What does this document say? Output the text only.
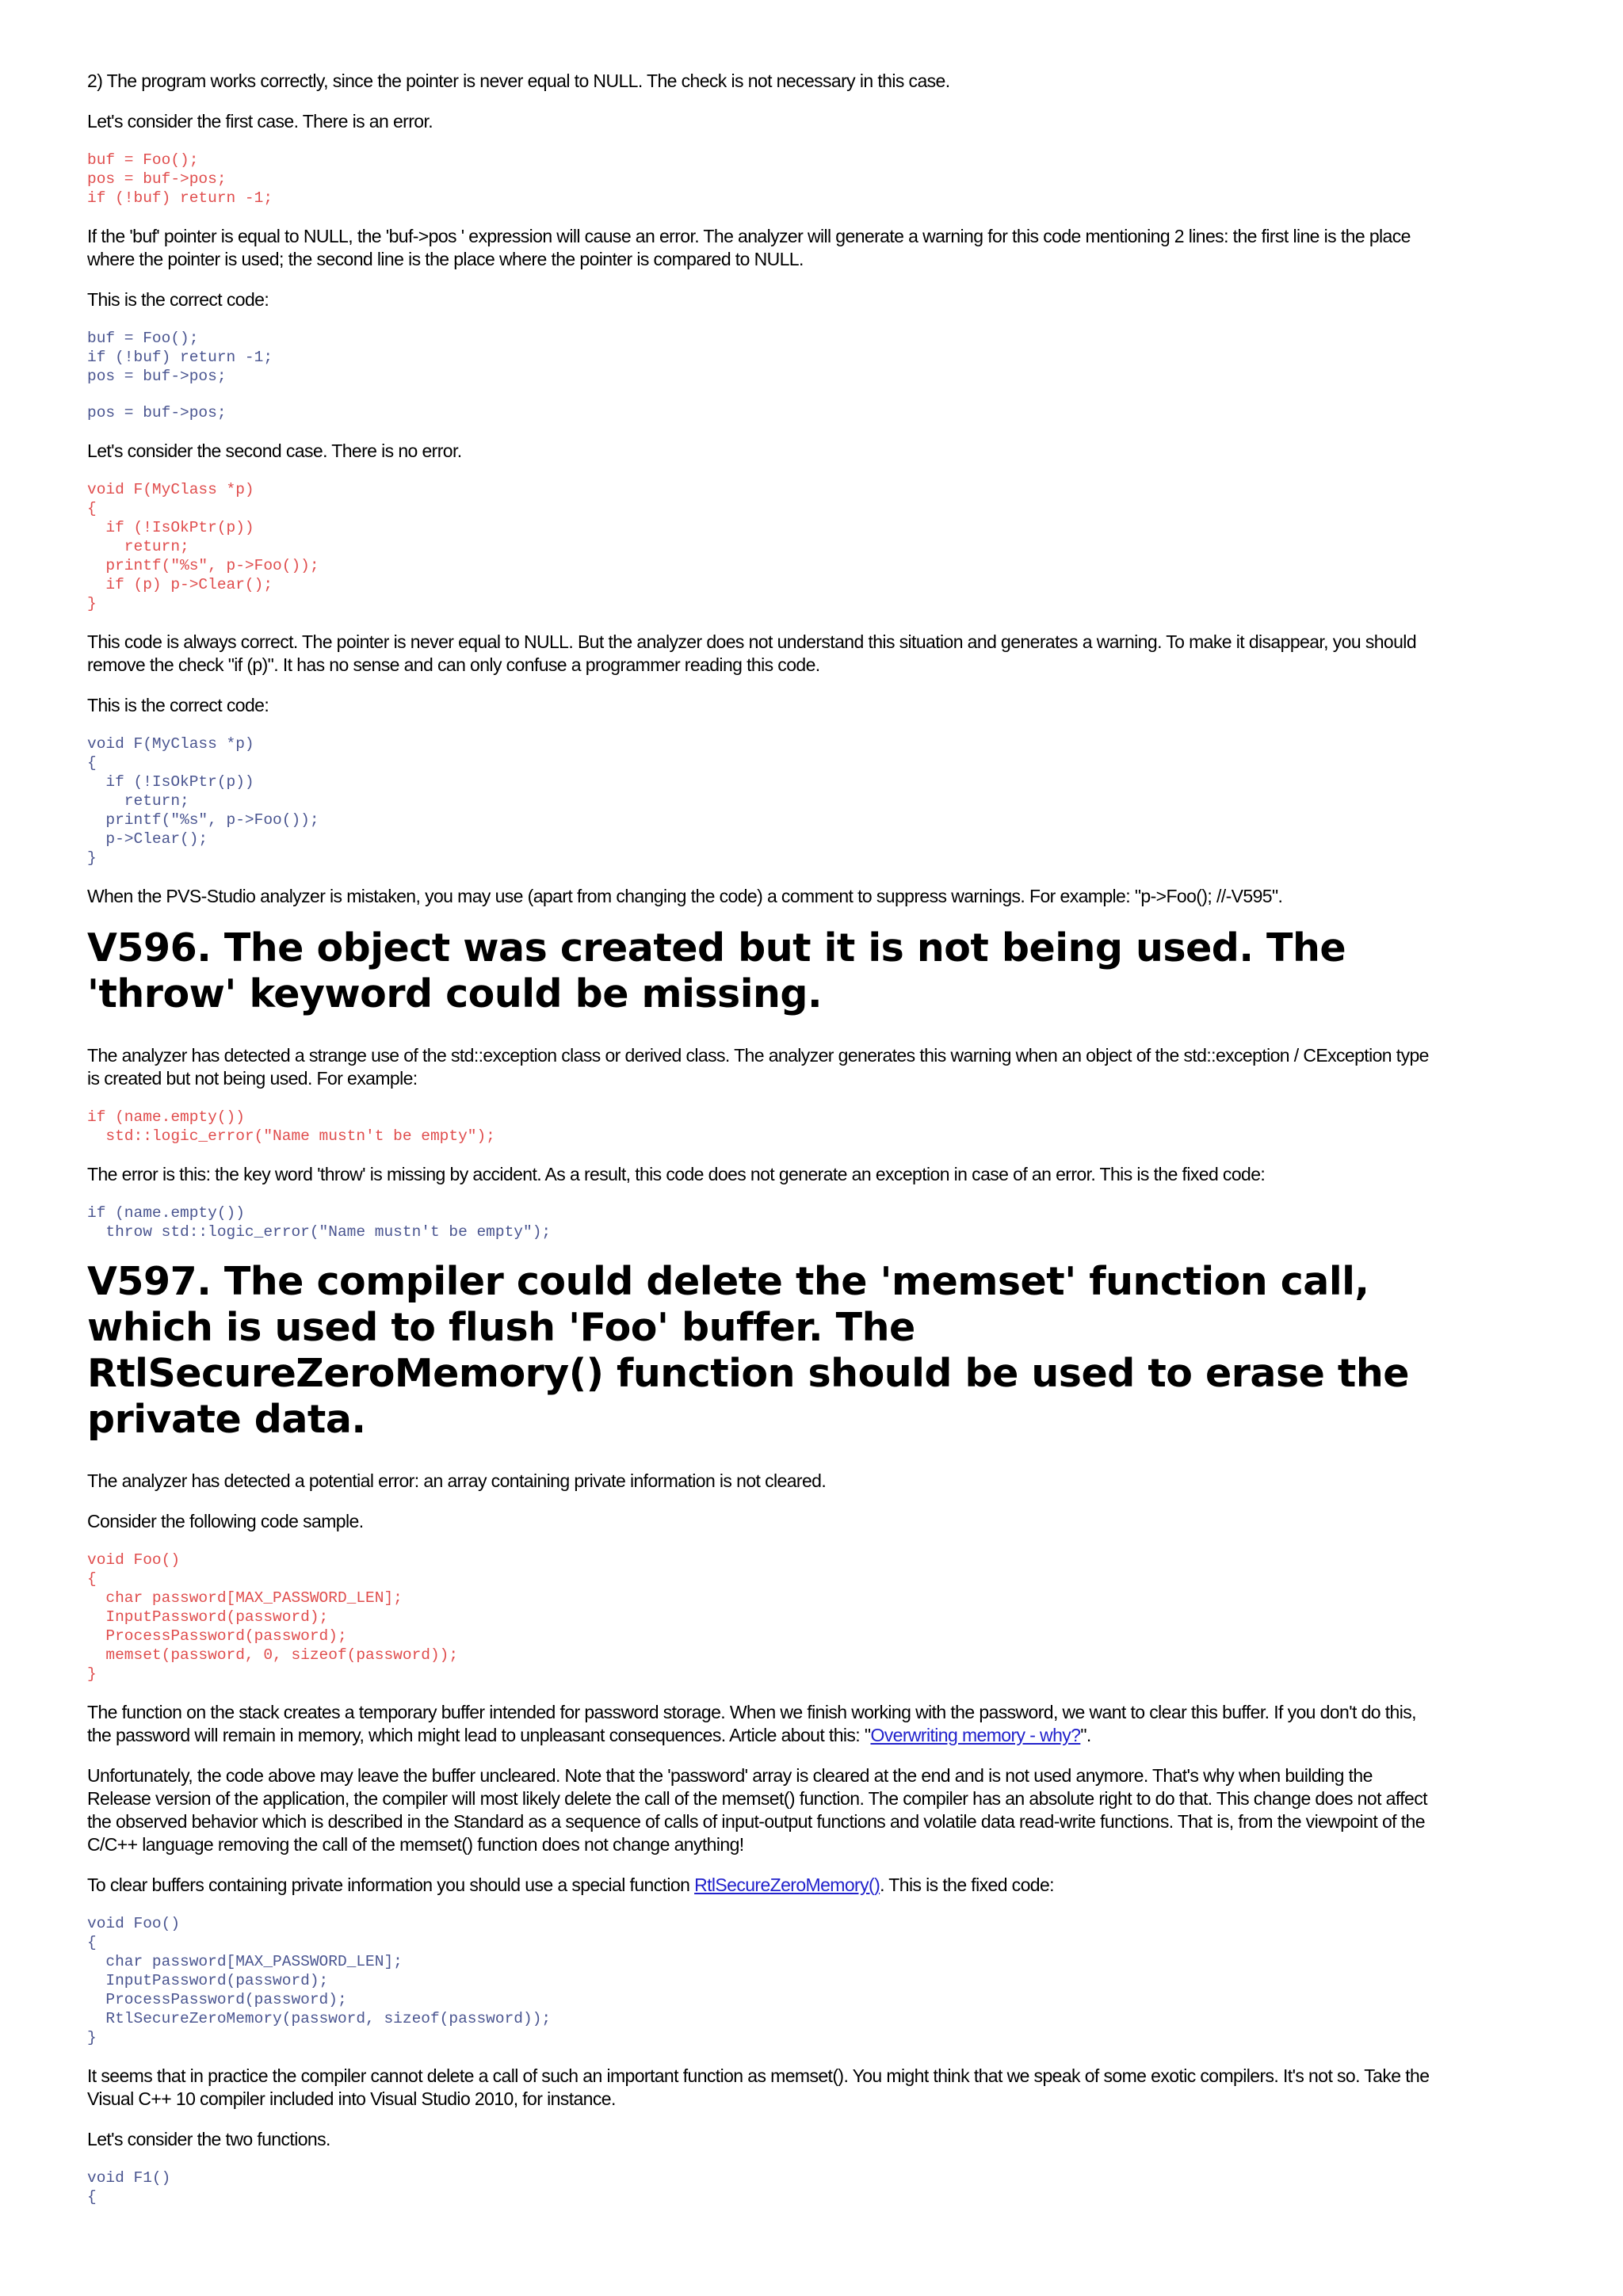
2) The program works correctly, since the pointer is never equal to NULL. The check is not necessary in this case.

Let's consider the first case. There is an error.

buf = Foo();
pos = buf->pos;
if (!buf) return -1;

If the 'buf' pointer is equal to NULL, the 'buf->pos ' expression will cause an error. The analyzer will generate a warning for this code mentioning 2 lines: the first line is the place where the pointer is used; the second line is the place where the pointer is compared to NULL.

This is the correct code:

buf = Foo();
if (!buf) return -1;
pos = buf->pos;
pos = buf->pos;

Let's consider the second case. There is no error.

void F(MyClass *p)
{
if (!IsOkPtr(p))
return;
printf("%s", p->Foo());
if (p) p->Clear();
}

This code is always correct. The pointer is never equal to NULL. But the analyzer does not understand this situation and generates a warning. To make it disappear, you should remove the check "if (p)". It has no sense and can only confuse a programmer reading this code.

This is the correct code:

void F(MyClass *p)
{
if (!IsOkPtr(p))
return;
printf("%s", p->Foo());
p->Clear();
}

When the PVS-Studio analyzer is mistaken, you may use (apart from changing the code) a comment to suppress warnings. For example: "p->Foo(); //-V595".

V596. The object was created but it is not being used. The 'throw' keyword could be missing.

The analyzer has detected a strange use of the std::exception class or derived class. The analyzer generates this warning when an object of the std::exception / CException type is created but not being used. For example:

if (name.empty())
std::logic_error("Name mustn't be empty");

The error is this: the key word 'throw' is missing by accident. As a result, this code does not generate an exception in case of an error. This is the fixed code:

if (name.empty())
throw std::logic_error("Name mustn't be empty");
V597. The compiler could delete the 'memset' function call, which is used to flush 'Foo' buffer. The RtlSecureZeroMemory() function should be used to erase the private data.

The analyzer has detected a potential error: an array containing private information is not cleared.

Consider the following code sample.

void Foo()
{
char password[MAX_PASSWORD_LEN];
InputPassword(password);
ProcessPassword(password);
memset(password, 0, sizeof(password));
}

The function on the stack creates a temporary buffer intended for password storage. When we finish working with the password, we want to clear this buffer. If you don't do this, the password will remain in memory, which might lead to unpleasant consequences. Article about this: "Overwriting memory - why?".

Unfortunately, the code above may leave the buffer uncleared. Note that the 'password' array is cleared at the end and is not used anymore. That's why when building the Release version of the application, the compiler will most likely delete the call of the memset() function. The compiler has an absolute right to do that. This change does not affect the observed behavior which is described in the Standard as a sequence of calls of input-output functions and volatile data read-write functions. That is, from the viewpoint of the C/C++ language removing the call of the memset() function does not change anything!

To clear buffers containing private information you should use a special function RtlSecureZeroMemory(). This is the fixed code:

void Foo()
{
char password[MAX_PASSWORD_LEN];
InputPassword(password);
ProcessPassword(password);
RtlSecureZeroMemory(password, sizeof(password));
}

It seems that in practice the compiler cannot delete a call of such an important function as memset(). You might think that we speak of some exotic compilers. It's not so. Take the Visual C++ 10 compiler included into Visual Studio 2010, for instance.

Let's consider the two functions.

void F1()
{
